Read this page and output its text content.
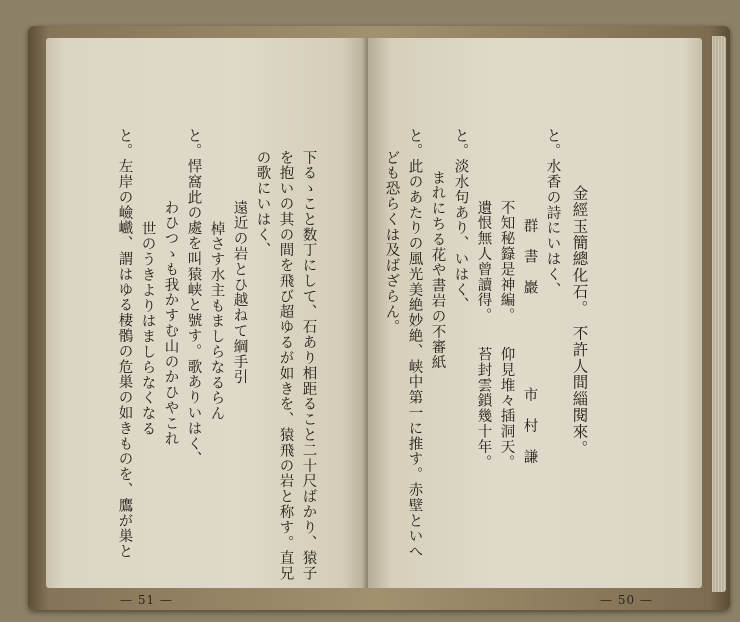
下るゝこと数丁にして、石あり相距ること二十尺ばかり、猿子
を抱いの其の間を飛び超ゆるが如きを、猿飛の岩と称す。直兄
の歌にいはく、
遠近の岩とひ越ねて綱手引
棹さす水主もましらなるらん
と。悍窩此の處を叫猿峡と號す。歌ありいはく、
わひつゝも我かすむ山のかひやこれ
世のうきよりはましらなくなる
と。左岸の嶮巇、謂はゆる棲鶻の危巣の如きものを、鷹が巣と
— 51 —
ども恐らくは及ばざらん。 と。此のあたりの風光美絶妙絶、峡中第一に推す。赤壁といへ まれにちる花や書岩の不審紙 と。淡水句あり、いはく、 遺恨無人曾讀得。　　苔封雲鎖幾十年。 不知秘籙是神編。　　仰見堆々插洞天。 群　書　巖　　　　　　市　村　謙
と。水香の詩にいはく、 金經玉簡總化石。　不許人間緇閱來。
— 50 —
